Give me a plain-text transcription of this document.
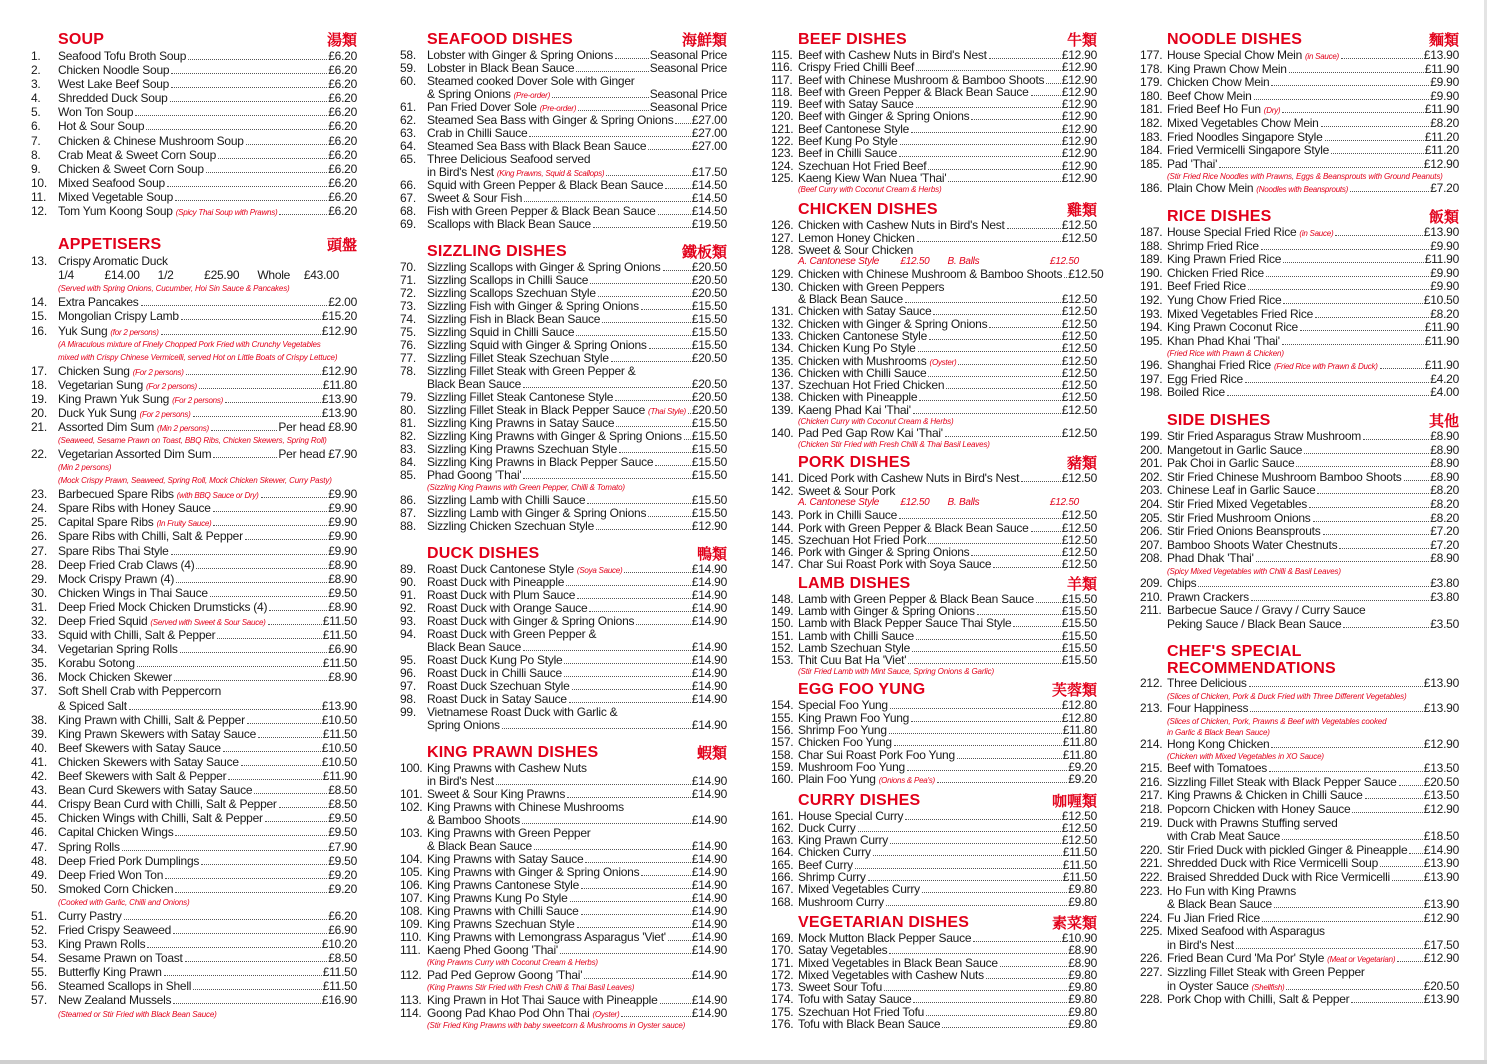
SOUP	湯類
1.	Seafood Tofu Broth Soup	£6.20
2.	Chicken Noodle Soup	£6.20
3.	West Lake Beef Soup	£6.20
4.	Shredded Duck Soup	£6.20
5.	Won Ton Soup	£6.20
6.	Hot & Sour Soup	£6.20
7.	Chicken & Chinese Mushroom Soup	£6.20
8.	Crab Meat & Sweet Corn Soup	£6.20
9.	Chicken & Sweet Corn Soup	£6.20
10. Mixed Seafood Soup	£6.20
11. Mixed Vegetable Soup	£6.20
12. Tom Yum Koong Soup (Spicy Thai Soup with Prawns)	£6.20
APPETISERS	頭盤
13. Crispy Aromatic Duck
1/4	£14.00 1/2	£25.90 Whole £43.00
(Served with Spring Onions, Cucumber, Hoi Sin Sauce & Pancakes)
14. Extra Pancakes	£2.00
15. Mongolian Crispy Lamb	£15.20
16. Yuk Sung (for 2 persons)	£12.90
(A Miraculous mixture of Finely Chopped Pork Fried with Crunchy Vegetables
mixed with Crispy Chinese Vermicelli, served Hot on Little Boats of Crispy Lettuce)
17. Chicken Sung (For 2 persons)	£12.90
18. Vegetarian Sung (For 2 persons)	£11.80
19. King Prawn Yuk Sung (For 2 persons)	£13.90
20. Duck Yuk Sung (For 2 persons)	£13.90
21. Assorted Dim Sum (Min 2 persons)	Per head £8.90
(Seaweed, Sesame Prawn on Toast, BBQ Ribs, Chicken Skewers, Spring Roll)
22. Vegetarian Assorted Dim Sum	Per head £7.90
(Min 2 persons)
(Mock Crispy Prawn, Seaweed, Spring Roll, Mock Chicken Skewer, Curry Pasty)
23. Barbecued Spare Ribs (with BBQ Sauce or Dry)	£9.90
24. Spare Ribs with Honey Sauce	£9.90
25. Capital Spare Ribs (In Fruity Sauce)	£9.90
26. Spare Ribs with Chilli, Salt & Pepper	£9.90
27. Spare Ribs Thai Style	£9.90
28. Deep Fried Crab Claws (4)	£8.90
29. Mock Crispy Prawn (4)	£8.90
30. Chicken Wings in Thai Sauce	£9.50
31. Deep Fried Mock Chicken Drumsticks (4)	£8.90
32. Deep Fried Squid (Served with Sweet & Sour Sauce)	£11.50
33. Squid with Chilli, Salt & Pepper	£11.50
34. Vegetarian Spring Rolls	£6.90
35. Korabu Sotong	£11.50
36. Mock Chicken Skewer	£8.90
37. Soft Shell Crab with Peppercorn
& Spiced Salt	£13.90
38. King Prawn with Chilli, Salt & Pepper	£10.50
39. King Prawn Skewers with Satay Sauce	£11.50
40. Beef Skewers with Satay Sauce	£10.50
41. Chicken Skewers with Satay Sauce	£10.50
42. Beef Skewers with Salt & Pepper	£11.90
43. Bean Curd Skewers with Satay Sauce	£8.50
44. Crispy Bean Curd with Chilli, Salt & Pepper	£8.50
45. Chicken Wings with Chilli, Salt & Pepper	£9.50
46. Capital Chicken Wings	£9.50
47. Spring Rolls	£7.90
48. Deep Fried Pork Dumplings	£9.50
49. Deep Fried Won Ton	£9.20
50. Smoked Corn Chicken	£9.20
(Cooked with Garlic, Chilli and Onions)
51. Curry Pastry	£6.20
52. Fried Crispy Seaweed	£6.90
53. King Prawn Rolls	£10.20
54. Sesame Prawn on Toast	£8.50
55. Butterfly King Prawn	£11.50
56. Steamed Scallops in Shell	£11.50
57. New Zealand Mussels	£16.90
(Steamed or Stir Fried with Black Bean Sauce)
SEAFOOD DISHES	海鮮類
58. Lobster with Ginger & Spring Onions	Seasonal Price
59. Lobster in Black Bean Sauce	Seasonal Price
60. Steamed cooked Dover Sole with Ginger
& Spring Onions (Pre-order)	Seasonal Price
61. Pan Fried Dover Sole (Pre-order)	Seasonal Price
62. Steamed Sea Bass with Ginger & Spring Onions £27.00
63. Crab in Chilli Sauce	£27.00
64. Steamed Sea Bass with Black Bean Sauce	£27.00
65. Three Delicious Seafood served
in Bird's Nest (King Prawns, Squid & Scallops)	£17.50
66. Squid with Green Pepper & Black Bean Sauce £14.50
67. Sweet & Sour Fish	£14.50
68. Fish with Green Pepper & Black Bean Sauce	£14.50
69. Scallops with Black Bean Sauce	£19.50
SIZZLING DISHES	鐵板類
70. Sizzling Scallops with Ginger & Spring Onions	£20.50
71. Sizzling Scallops in Chilli Sauce	£20.50
72. Sizzling Scallops Szechuan Style	£20.50
73. Sizzling Fish with Ginger & Spring Onions	£15.50
74. Sizzling Fish in Black Bean Sauce	£15.50
75. Sizzling Squid in Chilli Sauce	£15.50
76. Sizzling Squid with Ginger & Spring Onions	£15.50
77. Sizzling Fillet Steak Szechuan Style	£20.50
78. Sizzling Fillet Steak with Green Pepper &
Black Bean Sauce	£20.50
79. Sizzling Fillet Steak Cantonese Style	£20.50
80. Sizzling Fillet Steak in Black Pepper Sauce (Thai Style) £20.50
81. Sizzling King Prawns in Satay Sauce	£15.50
82. Sizzling King Prawns with Ginger & Spring Onions £15.50
83. Sizzling King Prawns Szechuan Style	£15.50
84. Sizzling King Prawns in Black Pepper Sauce	£15.50
85. Phad Goong 'Thai'	£15.50
(Sizzling King Prawns with Green Pepper, Chilli & Tomato)
86. Sizzling Lamb with Chilli Sauce	£15.50
87. Sizzling Lamb with Ginger & Spring Onions	£15.50
88. Sizzling Chicken Szechuan Style	£12.90
DUCK DISHES	鴨類
89. Roast Duck Cantonese Style (Soya Sauce)	£14.90
90. Roast Duck with Pineapple	£14.90
91. Roast Duck with Plum Sauce	£14.90
92. Roast Duck with Orange Sauce	£14.90
93. Roast Duck with Ginger & Spring Onions	£14.90
94. Roast Duck with Green Pepper &
Black Bean Sauce	£14.90
95. Roast Duck Kung Po Style	£14.90
96. Roast Duck in Chilli Sauce	£14.90
97. Roast Duck Szechuan Style	£14.90
98. Roast Duck in Satay Sauce	£14.90
99. Vietnamese Roast Duck with Garlic &
Spring Onions	£14.90
KING PRAWN DISHES	蝦類
100. King Prawns with Cashew Nuts
in Bird's Nest	£14.90
101. Sweet & Sour King Prawns	£14.90
102. King Prawns with Chinese Mushrooms
& Bamboo Shoots	£14.90
103. King Prawns with Green Pepper
& Black Bean Sauce	£14.90
104. King Prawns with Satay Sauce	£14.90
105. King Prawns with Ginger & Spring Onions	£14.90
106. King Prawns Cantonese Style	£14.90
107. King Prawns Kung Po Style	£14.90
108. King Prawns with Chilli Sauce	£14.90
109. King Prawns Szechuan Style	£14.90
110. King Prawns with Lemongrass Asparagus 'Viet' £14.90
111. Kaeng Phed Goong 'Thai'	£14.90
(King Prawns Curry with Coconut Cream & Herbs)
112. Pad Ped Geprow Goong 'Thai'	£14.90
(King Prawns Stir Fried with Fresh Chilli & Thai Basil Leaves)
113. King Prawn in Hot Thai Sauce with Pineapple	£14.90
114. Goong Pad Khao Pod Ohn Thai (Oyster)	£14.90
(Stir Fried King Prawns with baby sweetcorn & Mushrooms in Oyster sauce)
BEEF DISHES	牛類
115. Beef with Cashew Nuts in Bird's Nest	£12.90
116. Crispy Fried Chilli Beef	£12.90
117. Beef with Chinese Mushroom & Bamboo Shoots £12.90
118. Beef with Green Pepper & Black Bean Sauce	£12.90
119. Beef with Satay Sauce	£12.90
120. Beef with Ginger & Spring Onions	£12.90
121. Beef Cantonese Style	£12.90
122. Beef Kung Po Style	£12.90
123. Beef in Chilli Sauce	£12.90
124. Szechuan Hot Fried Beef	£12.90
125. Kaeng Kiew Wan Nuea 'Thai'	£12.90
(Beef Curry with Coconut Cream & Herbs)
CHICKEN DISHES	雞類
126. Chicken with Cashew Nuts in Bird's Nest	£12.50
127. Lemon Honey Chicken	£12.50
128. Sweet & Sour Chicken
A. Cantonese Style £12.50 B. Balls	£12.50
129. Chicken with Chinese Mushroom & Bamboo Shoots £12.50
130. Chicken with Green Peppers
& Black Bean Sauce	£12.50
131. Chicken with Satay Sauce	£12.50
132. Chicken with Ginger & Spring Onions	£12.50
133. Chicken Cantonese Style	£12.50
134. Chicken Kung Po Style	£12.50
135. Chicken with Mushrooms (Oyster)	£12.50
136. Chicken with Chilli Sauce	£12.50
137. Szechuan Hot Fried Chicken	£12.50
138. Chicken with Pineapple	£12.50
139. Kaeng Phad Kai 'Thai'	£12.50
(Chicken Curry with Coconut Cream & Herbs)
140. Pad Ped Gap Row Kai 'Thai'	£12.50
(Chicken Stir Fried with Fresh Chilli & Thai Basil Leaves)
PORK DISHES	豬類
141. Diced Pork with Cashew Nuts in Bird's Nest	£12.50
142. Sweet & Sour Pork
A. Cantonese Style £12.50 B. Balls	£12.50
143. Pork in Chilli Sauce	£12.50
144. Pork with Green Pepper & Black Bean Sauce	£12.50
145. Szechuan Hot Fried Pork	£12.50
146. Pork with Ginger & Spring Onions	£12.50
147. Char Sui Roast Pork with Soya Sauce	£12.50
LAMB DISHES	羊類
148. Lamb with Green Pepper & Black Bean Sauce £15.50
149. Lamb with Ginger & Spring Onions	£15.50
150. Lamb with Black Pepper Sauce Thai Style	£15.50
151. Lamb with Chilli Sauce	£15.50
152. Lamb Szechuan Style	£15.50
153. Thit Cuu Bat Ha 'Viet'	£15.50
(Stir Fried Lamb with Mint Sauce, Spring Onions & Garlic)
EGG FOO YUNG	芙蓉類
154. Special Foo Yung	£12.80
155. King Prawn Foo Yung	£12.80
156. Shrimp Foo Yung	£11.80
157. Chicken Foo Yung	£11.80
158. Char Sui Roast Pork Foo Yung	£11.80
159. Mushroom Foo Yung	£9.20
160. Plain Foo Yung (Onions & Pea's)	£9.20
CURRY DISHES	咖喱類
161. House Special Curry	£12.50
162. Duck Curry	£12.50
163. King Prawn Curry	£12.50
164. Chicken Curry	£11.50
165. Beef Curry	£11.50
166. Shrimp Curry	£11.50
167. Mixed Vegetables Curry	£9.80
168. Mushroom Curry	£9.80
VEGETARIAN DISHES	素菜類
169. Mock Mutton Black Pepper Sauce	£10.90
170. Satay Vegetables	£8.90
171. Mixed Vegetables in Black Bean Sauce	£8.90
172. Mixed Vegetables with Cashew Nuts	£9.80
173. Sweet Sour Tofu	£9.80
174. Tofu with Satay Sauce	£9.80
175. Szechuan Hot Fried Tofu	£9.80
176. Tofu with Black Bean Sauce	£9.80
NOODLE DISHES	麵類
177. House Special Chow Mein (in Sauce)	£13.90
178. King Prawn Chow Mein	£11.90
179. Chicken Chow Mein	£9.90
180. Beef Chow Mein	£9.90
181. Fried Beef Ho Fun (Dry)	£11.90
182. Mixed Vegetables Chow Mein	£8.20
183. Fried Noodles Singapore Style	£11.20
184. Fried Vermicelli Singapore Style	£11.20
185. Pad 'Thai'	£12.90
(Stir Fried Rice Noodles with Prawns, Eggs & Beansprouts with Ground Peanuts)
186. Plain Chow Mein (Noodles with Beansprouts)	£7.20
RICE DISHES	飯類
187. House Special Fried Rice (in Sauce)	£13.90
188. Shrimp Fried Rice	£9.90
189. King Prawn Fried Rice	£11.90
190. Chicken Fried Rice	£9.90
191. Beef Fried Rice	£9.90
192. Yung Chow Fried Rice	£10.50
193. Mixed Vegetables Fried Rice	£8.20
194. King Prawn Coconut Rice	£11.90
195. Khan Phad Khai 'Thai'	£11.90
(Fried Rice with Prawn & Chicken)
196. Shanghai Fried Rice (Fried Rice with Prawn & Duck)	£11.90
197. Egg Fried Rice	£4.20
198. Boiled Rice	£4.00
SIDE DISHES	其他
199. Stir Fried Asparagus Straw Mushroom	£8.90
200. Mangetout in Garlic Sauce	£8.90
201. Pak Choi in Garlic Sauce	£8.90
202. Stir Fried Chinese Mushroom Bamboo Shoots £8.90
203. Chinese Leaf in Garlic Sauce	£8.20
204. Stir Fried Mixed Vegetables	£8.20
205. Stir Fried Mushroom Onions	£8.20
206. Stir Fried Onions Beansprouts	£7.20
207. Bamboo Shoots Water Chestnuts	£7.20
208. Phad Dhak 'Thai'	£8.90
(Spicy Mixed Vegetables with Chilli & Basil Leaves)
209. Chips	£3.80
210. Prawn Crackers	£3.80
211. Barbecue Sauce / Gravy / Curry Sauce
Peking Sauce / Black Bean Sauce	£3.50
CHEF'S SPECIAL RECOMMENDATIONS
212. Three Delicious	£13.90
(Slices of Chicken, Pork & Duck Fried with Three Different Vegetables)
213. Four Happiness	£13.90
(Slices of Chicken, Pork, Prawns & Beef with Vegetables cooked
in Garlic & Black Bean Sauce)
214. Hong Kong Chicken	£12.90
(Chicken with Mixed Vegetables in XO Sauce)
215. Beef with Tomatoes	£13.50
216. Sizzling Fillet Steak with Black Pepper Sauce £20.50
217. King Prawns & Chicken in Chilli Sauce	£13.50
218. Popcorn Chicken with Honey Sauce	£12.90
219. Duck with Prawns Stuffing served
with Crab Meat Sauce	£18.50
220. Stir Fried Duck with pickled Ginger & Pineapple £14.90
221. Shredded Duck with Rice Vermicelli Soup	£13.90
222. Braised Shredded Duck with Rice Vermicelli	£13.90
223. Ho Fun with King Prawns
& Black Bean Sauce	£13.90
224. Fu Jian Fried Rice	£12.90
225. Mixed Seafood with Asparagus
in Bird's Nest	£17.50
226. Fried Bean Curd 'Ma Por' Style (Meat or Vegetarian) £12.90
227. Sizzling Fillet Steak with Green Pepper
in Oyster Sauce (Shellfish)	£20.50
228. Pork Chop with Chilli, Salt & Pepper	£13.90
